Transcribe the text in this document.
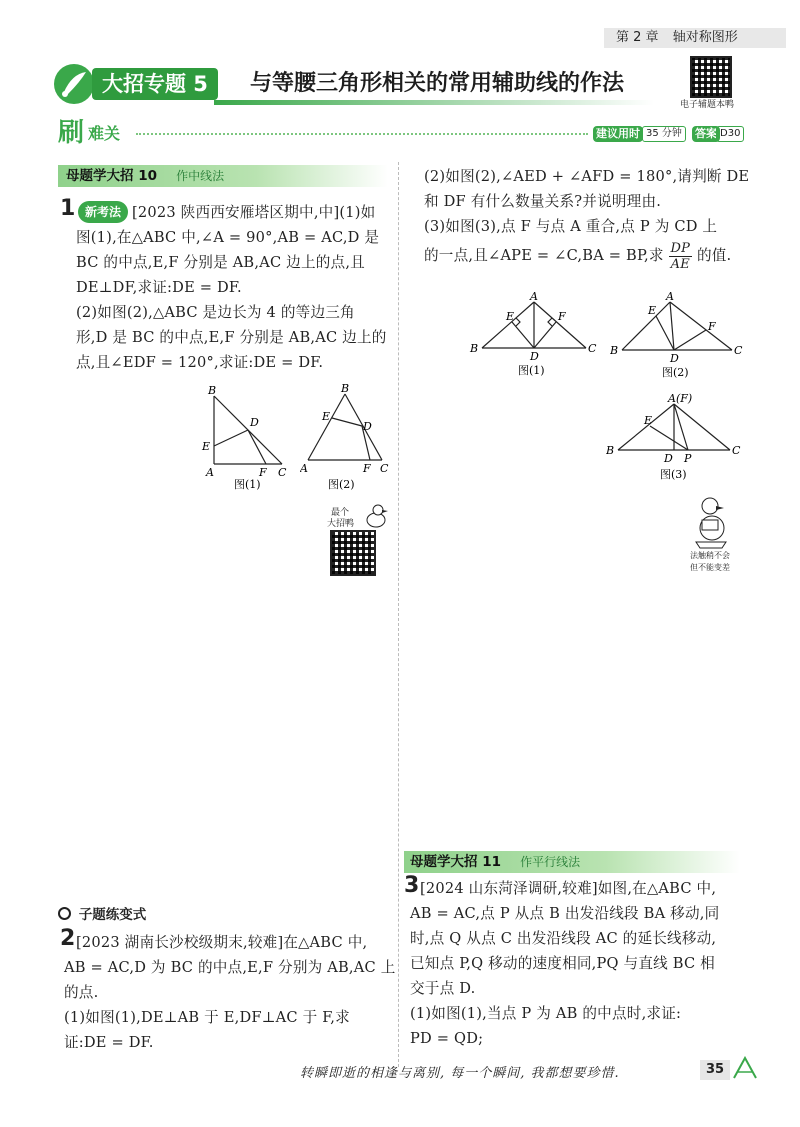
第 2 章 轴对称图形
大招专题 5	与等腰三角形相关的常用辅助线的作法
电子辅题本鸭
刷 难关	建议用时 35 分钟	答案 D30
母题学大招 10 作中线法
1 新考法 [2023 陕西西安雁塔区期中,中](1)如
图(1),在△ABC 中,∠A = 90°,AB = AC,D 是
BC 的中点,E,F 分别是 AB,AC 边上的点,且
DE⊥DF,求证:DE = DF.
(2)如图(2),△ABC 是边长为 4 的等边三角
形,D 是 BC 的中点,E,F 分别是 AB,AC 边上的
点,且∠EDF = 120°,求证:DE = DF.
B
D
E
A	F C
图(1)
B
D
E
A	F C
图(2)
最个
大招鸭
(2)如图(2),∠AED + ∠AFD = 180°,请判断 DE
和 DF 有什么数量关系?并说明理由.
(3)如图(3),点 F 与点 A 重合,点 P 为 CD 上
的一点,且∠APE = ∠C,BA = BP,求 $\frac{DP}{AE}$ 的值.
A
B	C
E	F
D
图(1)
A
B	C
E
F
D
图(2)
A(F)
B	C
E
D P
图(3)
法触稍不会
但不能变差
子题练变式
2 [2023 湖南长沙校级期末,较难]在△ABC 中,
AB = AC,D 为 BC 的中点,E,F 分别为 AB,AC 上
的点.
(1)如图(1),DE⊥AB 于 E,DF⊥AC 于 F,求
证:DE = DF.
母题学大招 11 作平行线法
3 [2024 山东菏泽调研,较难]如图,在△ABC 中,
AB = AC,点 P 从点 B 出发沿线段 BA 移动,同
时,点 Q 从点 C 出发沿线段 AC 的延长线移动,
已知点 P,Q 移动的速度相同,PQ 与直线 BC 相
交于点 D.
(1)如图(1),当点 P 为 AB 的中点时,求证:
PD = QD;
转瞬即逝的相逢与离别, 每一个瞬间, 我都想要珍惜.	35
